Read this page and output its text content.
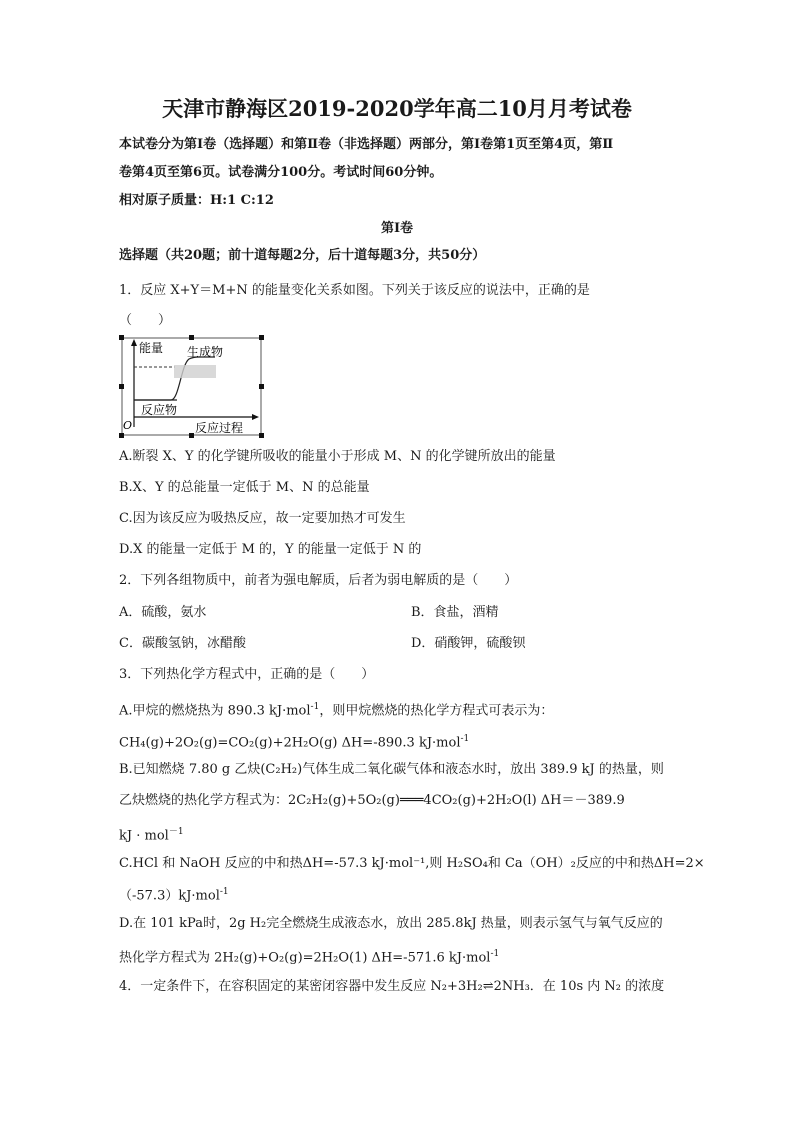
天津市静海区2019-2020学年高二10月月考试卷
本试卷分为第Ⅰ卷（选择题）和第Ⅱ卷（非选择题）两部分，第Ⅰ卷第1页至第4页，第Ⅱ
卷第4页至第6页。试卷满分100分。考试时间60分钟。
相对原子质量：H:1 C:12
第Ⅰ卷
选择题（共20题；前十道每题2分，后十道每题3分，共50分）
1．反应 X+Y＝M+N 的能量变化关系如图。下列关于该反应的说法中，正确的是
（　　）
能量 生成物
反应物
O	反应过程
A.断裂 X、Y 的化学键所吸收的能量小于形成 M、N 的化学键所放出的能量
B.X、Y 的总能量一定低于 M、N 的总能量
C.因为该反应为吸热反应，故一定要加热才可发生
D.X 的能量一定低于 M 的，Y 的能量一定低于 N 的
2．下列各组物质中，前者为强电解质，后者为弱电解质的是（　　）
A．硫酸，氨水	B．食盐，酒精
C．碳酸氢钠，冰醋酸	D．硝酸钾，硫酸钡
3．下列热化学方程式中，正确的是（　　）
A.甲烷的燃烧热为 890.3 kJ·mol$^{-1}$，则甲烷燃烧的热化学方程式可表示为：
CH₄(g)+2O₂(g)=CO₂(g)+2H₂O(g) ΔH=-890.3 kJ·mol$^{-1}$
B.已知燃烧 7.80 g 乙炔(C₂H₂)气体生成二氧化碳气体和液态水时，放出 389.9 kJ 的热量，则
乙炔燃烧的热化学方程式为：2C₂H₂(g)+5O₂(g)═══4CO₂(g)+2H₂O(l) ΔH＝－389.9
kJ · mol$^{-1}$
C.HCl 和 NaOH 反应的中和热ΔH=-57.3 kJ·mol⁻¹,则 H₂SO₄和 Ca（OH）₂反应的中和热ΔH=2×
（-57.3）kJ·mol$^{-1}$
D.在 101 kPa时，2g H₂完全燃烧生成液态水，放出 285.8kJ 热量，则表示氢气与氧气反应的
热化学方程式为 2H₂(g)+O₂(g)=2H₂O(1) ΔH=-571.6 kJ·mol$^{-1}$
4．一定条件下，在容积固定的某密闭容器中发生反应 N₂+3H₂⇌2NH₃．在 10s 内 N₂ 的浓度
